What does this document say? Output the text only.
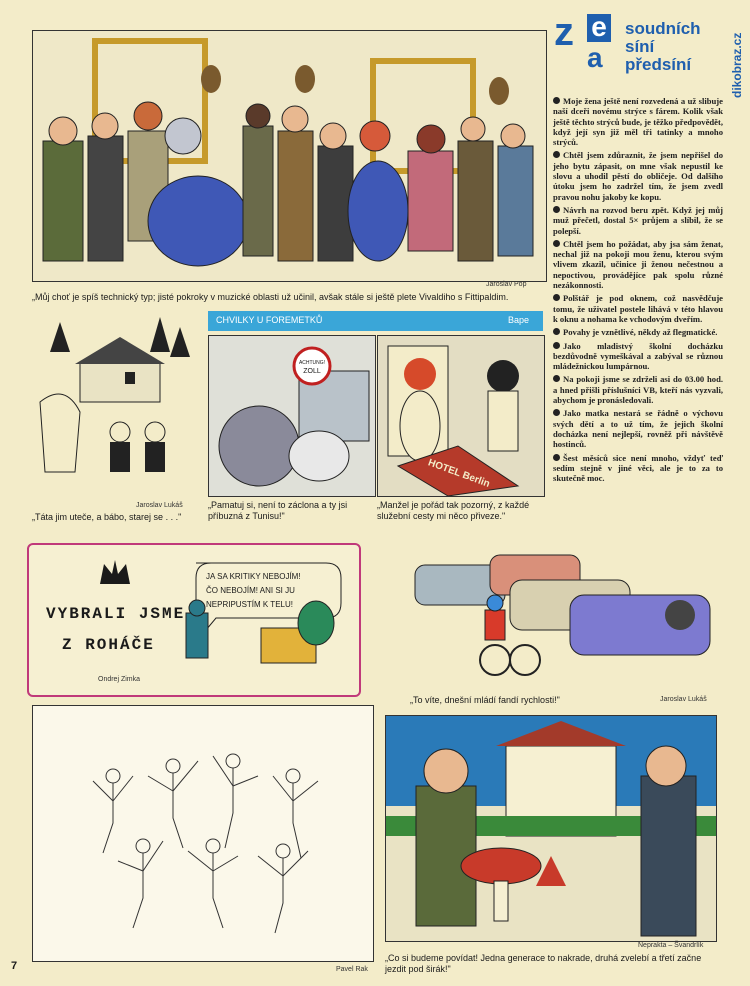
Jaroslav Pop
„Můj choť je spíš technický typ; jisté pokroky v muzické oblasti už učinil, avšak stále si ještě plete Vivaldiho s Fittipaldim.
z e
a
soudních
síní
předsíní	dikobraz.cz
Moje žena ještě není rozvedená a už slibuje naší dceři novému strýce s fárem. Kolik však ještě těchto strýců bude, je těžko předpovědět, když její syn již měl tři tatinky a mnoho strýců.
Chtěl jsem zdůraznit, že jsem nepřišel do jeho bytu zápasit, on mne však nepustil ke slovu a uhodil pěstí do obličeje. Od dalšího útoku jsem ho zadržel tím, že jsem zvedl pravou nohu jakoby ke kopu.
Návrh na rozvod beru zpět. Když jej můj muž přečetl, dostal 5× průjem a slíbil, že se polepší.
Chtěl jsem ho požádat, aby jsa sám ženat, nechal již na pokoji mou ženu, kterou svým vlivem zkazil, učinice ji ženou nečestnou a nepoctivou, provádějíce pak spolu různé nezákonnosti.
Polštář je pod oknem, což nasvědčuje tomu, že uživatel postele lihává v této hlavou k oknu a nohama ke vchodovým dveřím.
Povahy je vznětlivé, někdy až flegmatické.
Jako mladistvý školní docházku bezdůvodně vymeškával a zabýval se různou mládežnickou lumpárnou.
Na pokoji jsme se zdrželi asi do 03.00 hod. a hned přišli příslušníci VB, kteří nás vyzvali, abychom je pronásledovali.
Jako matka nestará se řádně o výchovu svých dětí a to už tím, že jejich školní docházka není nejlepší, rovněž při návštěvě hostinců.
Šest měsíců sice není mnoho, vždyť teď sedím stejně v jiné věci, ale je to za to skutečně moc.
Jaroslav Lukáš
„Táta jim uteče, a bábo, starej se . . ."
CHVILKY U FOREMETKŮ	Bape
ACHTUNG!
ZOLL
HOTEL Berlin
„Pamatuj si, není to záclona a ty jsi příbuzná z Tunisu!"
„Manžel je pořád tak pozorný, z každé služební cesty mi něco přiveze."
VYBRALI JSME
Z ROHÁČE
JA SA KRITIKY NEBOJÍM!
ČO NEBOJÍM! ANI SI JU
NEPRIPUSTÍM K TELU!
Ondrej Zimka
„To víte, dnešní mládí fandí rychlosti!"	Jaroslav Lukáš
Pavel Rak
Neprakta – Švandrlík
„Co si budeme povídat! Jedna generace to nakrade, druhá zvelebí a třetí začne jezdit pod širák!"
7
